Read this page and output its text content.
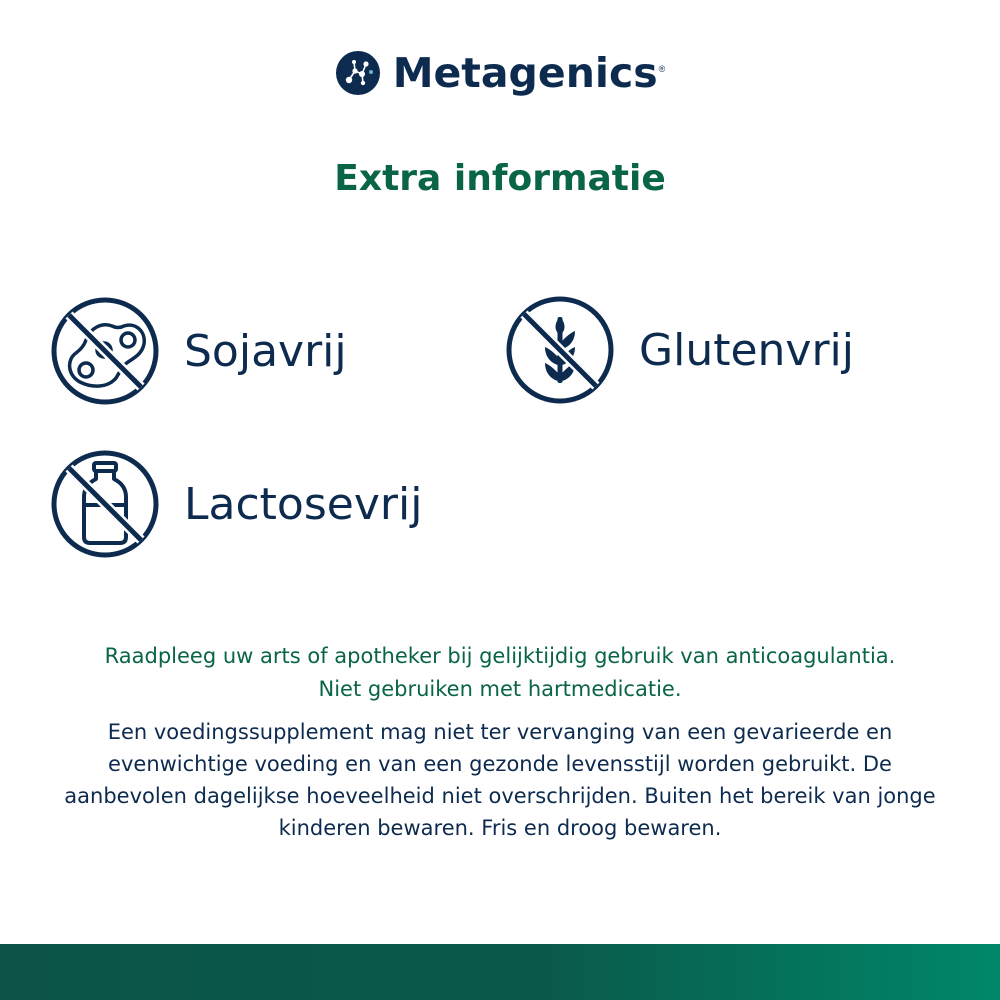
Metagenics ®
Extra informatie
Sojavrij	Glutenvrij
Lactosevrij
Raadpleeg uw arts of apotheker bij gelijktijdig gebruik van anticoagulantia.
Niet gebruiken met hartmedicatie.
Een voedingssupplement mag niet ter vervanging van een gevarieerde en evenwichtige voeding en van een gezonde levensstijl worden gebruikt. De aanbevolen dagelijkse hoeveelheid niet overschrijden. Buiten het bereik van jonge kinderen bewaren. Fris en droog bewaren.
